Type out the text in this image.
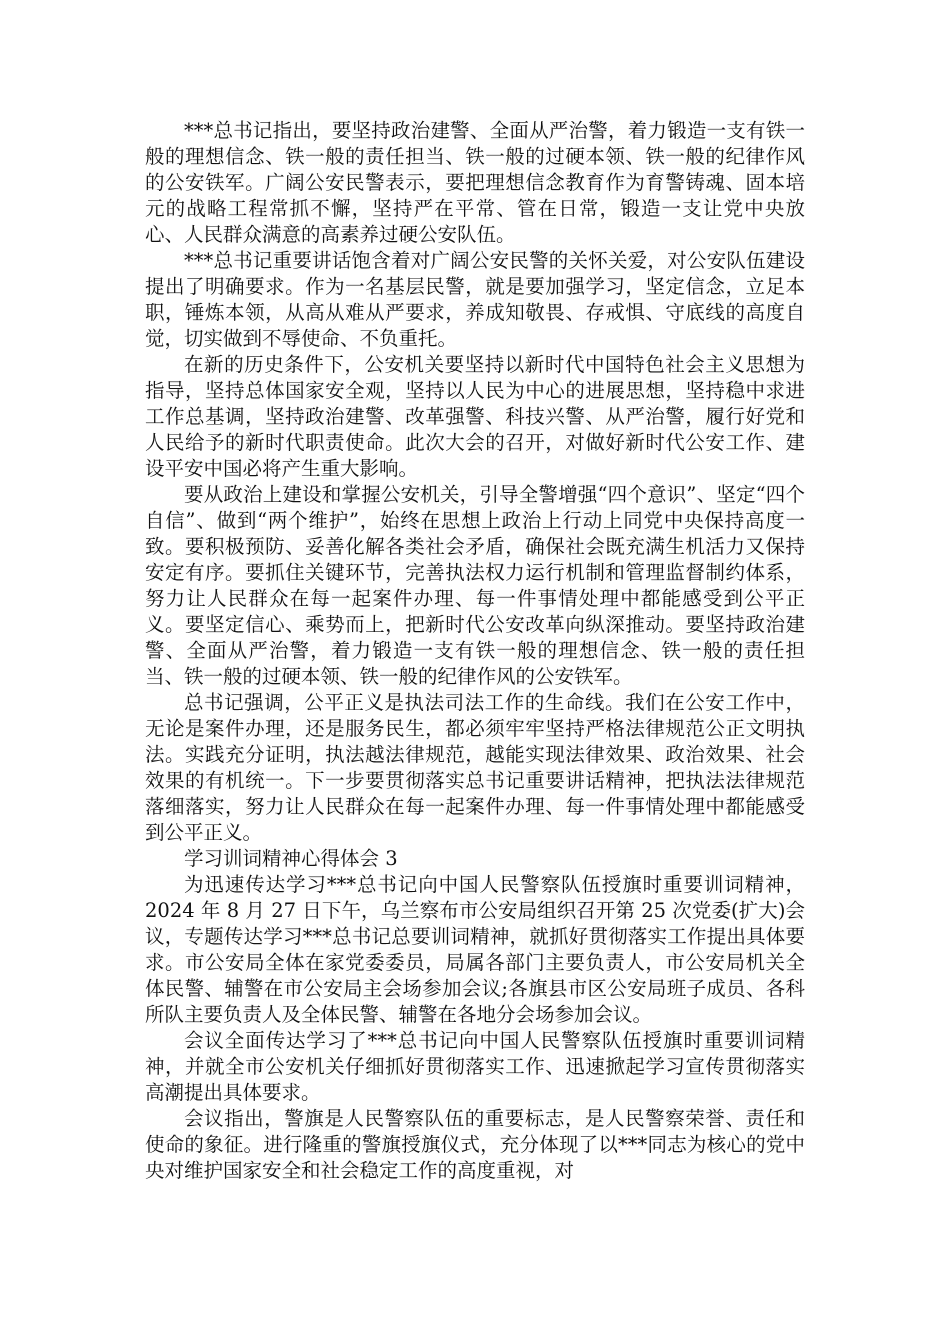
***总书记指出，要坚持政治建警、全面从严治警，着力锻造一支有铁一般的理想信念、铁一般的责任担当、铁一般的过硬本领、铁一般的纪律作风的公安铁军。广阔公安民警表示，要把理想信念教育作为育警铸魂、固本培元的战略工程常抓不懈，坚持严在平常、管在日常，锻造一支让党中央放心、人民群众满意的高素养过硬公安队伍。

***总书记重要讲话饱含着对广阔公安民警的关怀关爱，对公安队伍建设提出了明确要求。作为一名基层民警，就是要加强学习，坚定信念，立足本职，锤炼本领，从高从难从严要求，养成知敬畏、存戒惧、守底线的高度自觉，切实做到不辱使命、不负重托。

在新的历史条件下，公安机关要坚持以新时代中国特色社会主义思想为指导，坚持总体国家安全观，坚持以人民为中心的进展思想，坚持稳中求进工作总基调，坚持政治建警、改革强警、科技兴警、从严治警，履行好党和人民给予的新时代职责使命。此次大会的召开，对做好新时代公安工作、建设平安中国必将产生重大影响。

要从政治上建设和掌握公安机关，引导全警增强“四个意识”、坚定“四个自信”、做到“两个维护”，始终在思想上政治上行动上同党中央保持高度一致。要积极预防、妥善化解各类社会矛盾，确保社会既充满生机活力又保持安定有序。要抓住关键环节，完善执法权力运行机制和管理监督制约体系，努力让人民群众在每一起案件办理、每一件事情处理中都能感受到公平正义。要坚定信心、乘势而上，把新时代公安改革向纵深推动。要坚持政治建警、全面从严治警，着力锻造一支有铁一般的理想信念、铁一般的责任担当、铁一般的过硬本领、铁一般的纪律作风的公安铁军。

总书记强调，公平正义是执法司法工作的生命线。我们在公安工作中，无论是案件办理，还是服务民生，都必须牢牢坚持严格法律规范公正文明执法。实践充分证明，执法越法律规范，越能实现法律效果、政治效果、社会效果的有机统一。下一步要贯彻落实总书记重要讲话精神，把执法法律规范落细落实，努力让人民群众在每一起案件办理、每一件事情处理中都能感受到公平正义。

学习训词精神心得体会 3

为迅速传达学习***总书记向中国人民警察队伍授旗时重要训词精神，2024 年 8 月 27 日下午，乌兰察布市公安局组织召开第 25 次党委(扩大)会议，专题传达学习***总书记总要训词精神，就抓好贯彻落实工作提出具体要求。市公安局全体在家党委委员，局属各部门主要负责人，市公安局机关全体民警、辅警在市公安局主会场参加会议;各旗县市区公安局班子成员、各科所队主要负责人及全体民警、辅警在各地分会场参加会议。

会议全面传达学习了***总书记向中国人民警察队伍授旗时重要训词精神，并就全市公安机关仔细抓好贯彻落实工作、迅速掀起学习宣传贯彻落实高潮提出具体要求。

会议指出，警旗是人民警察队伍的重要标志，是人民警察荣誉、责任和使命的象征。进行隆重的警旗授旗仪式，充分体现了以***同志为核心的党中央对维护国家安全和社会稳定工作的高度重视，对
